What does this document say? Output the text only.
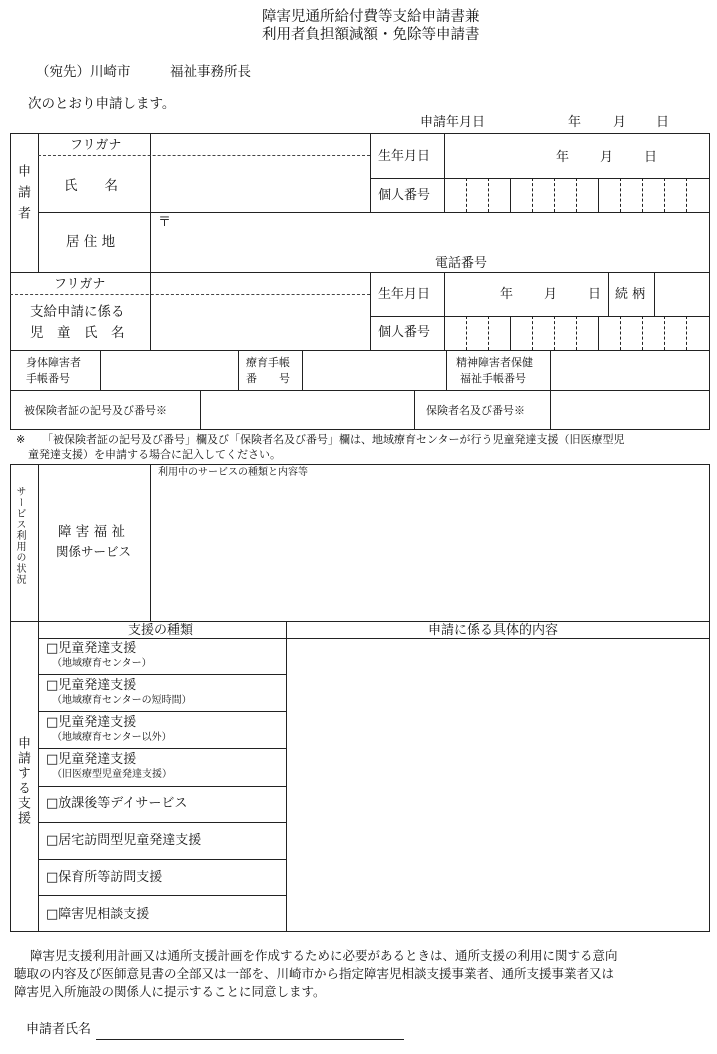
障害児通所給付費等支給申請書兼
利用者負担額減額・免除等申請書
（宛先）川崎市	福祉事務所長
次のとおり申請します。
申請年月日	年 月 日
申請者
フリガナ
氏　　名
居 住 地
〒
電話番号
生年月日	年 月 日
個人番号
フリガナ
支給申請に係る
児　童　氏　名
生年月日	年 月 日 続 柄
個人番号
身体障害者
手帳番号
療育手帳
番　　号
精神障害者保健
福祉手帳番号
被保険者証の記号及び番号※	保険者名及び番号※
※ 「被保険者証の記号及び番号」欄及び「保険者名及び番号」欄は、地域療育センターが行う児童発達支援（旧医療型児
童発達支援）を申請する場合に記入してください。
サービス利用の状況 障 害 福 祉
関係サービス
利用中のサービスの種類と内容等
申請する支援
支援の種類	申請に係る具体的内容
□児童発達支援
（地域療育センター）
□児童発達支援
（地域療育センターの短時間）
□児童発達支援
（地域療育センター以外）
□児童発達支援
（旧医療型児童発達支援）
□放課後等デイサービス
□居宅訪問型児童発達支援
□保育所等訪問支援
□障害児相談支援
障害児支援利用計画又は通所支援計画を作成するために必要があるときは、通所支援の利用に関する意向
聴取の内容及び医師意見書の全部又は一部を、川崎市から指定障害児相談支援事業者、通所支援事業者又は
障害児入所施設の関係人に提示することに同意します。
申請者氏名
